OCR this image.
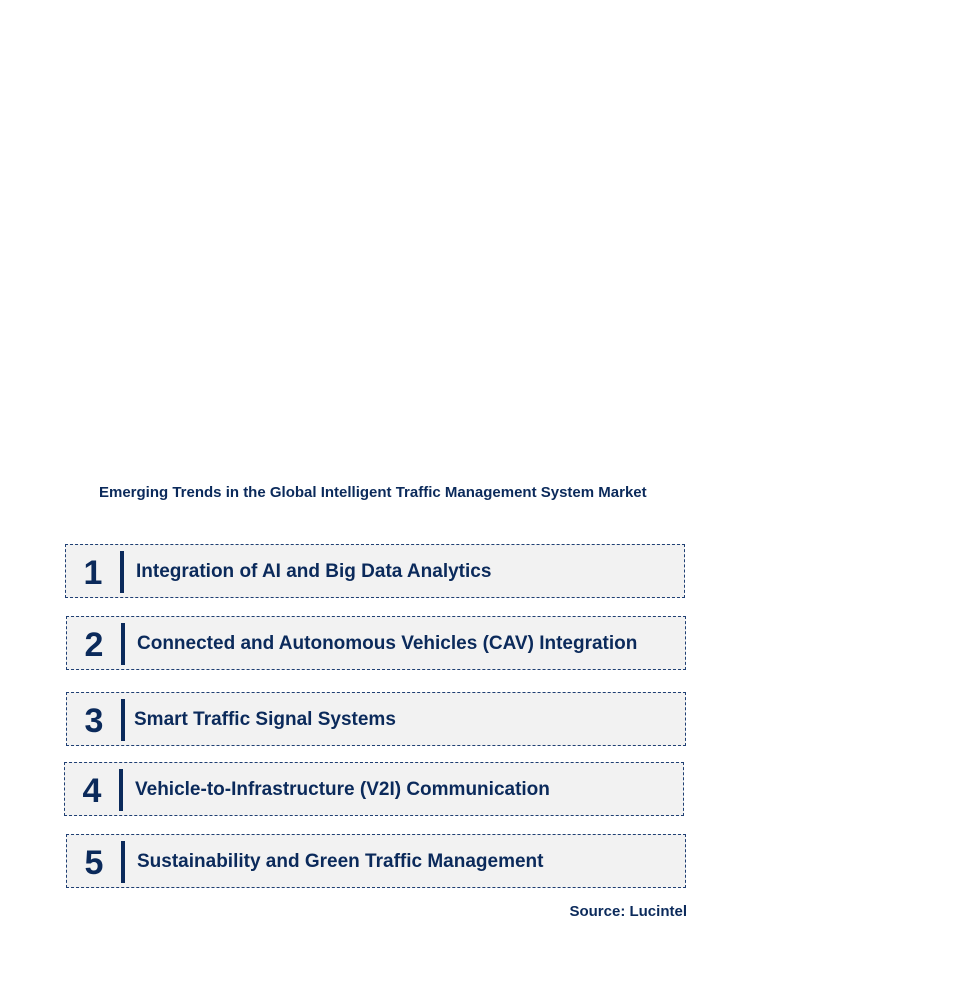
Emerging Trends in the Global Intelligent Traffic Management System Market
1 Integration of AI and Big Data Analytics
2 Connected and Autonomous Vehicles (CAV) Integration
3 Smart Traffic Signal Systems
4 Vehicle-to-Infrastructure (V2I) Communication
5 Sustainability and Green Traffic Management
Source: Lucintel
